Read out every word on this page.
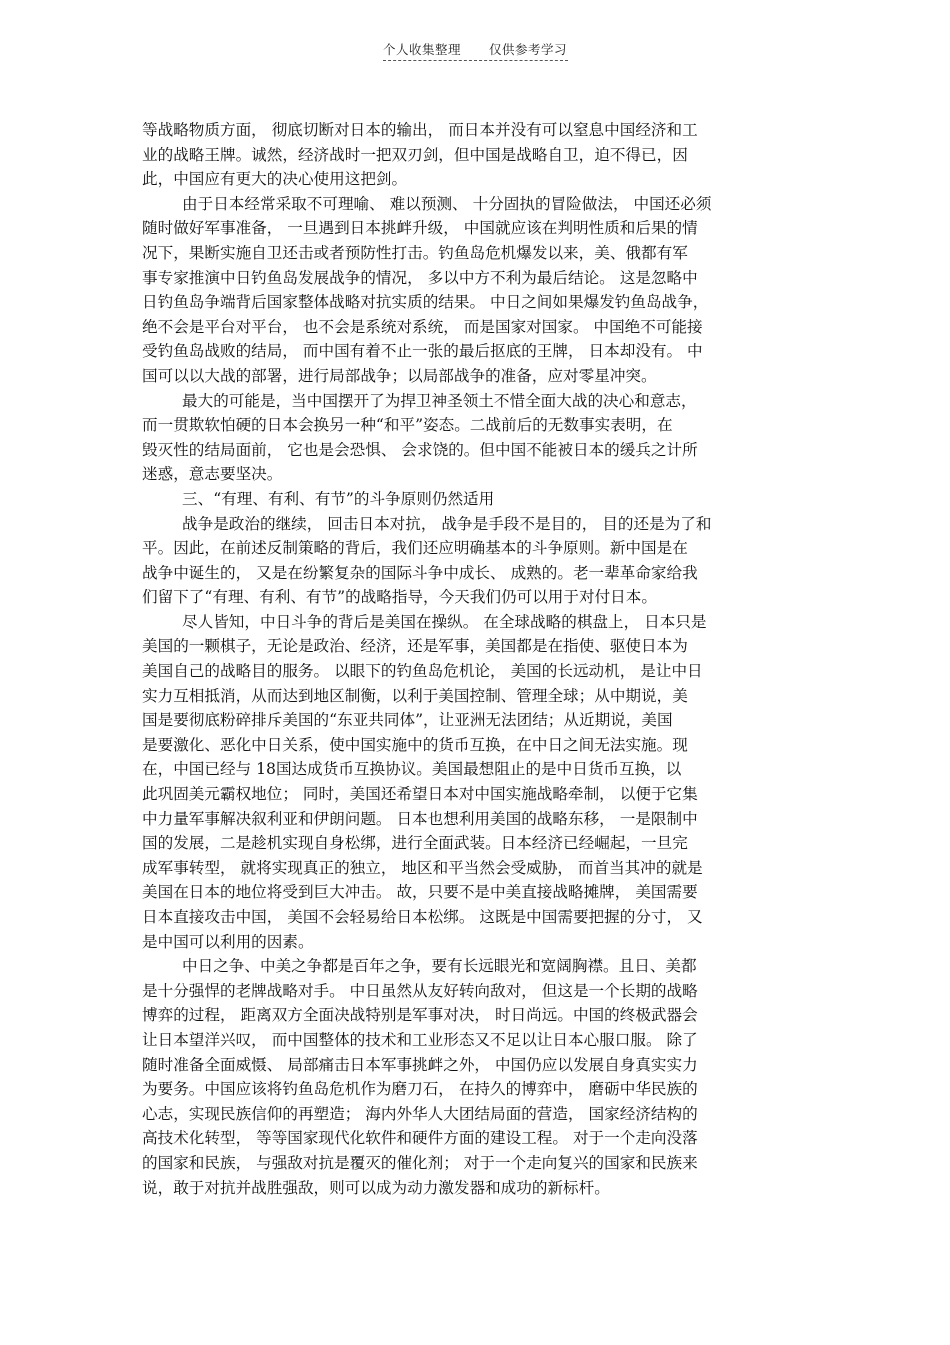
个人收集整理 仅供参考学习
等战略物质方面， 彻底切断对日本的输出， 而日本并没有可以窒息中国经济和工
业的战略王牌。诚然，经济战时一把双刃剑，但中国是战略自卫，迫不得已，因
此，中国应有更大的决心使用这把剑。
由于日本经常采取不可理喻、 难以预测、 十分固执的冒险做法， 中国还必须
随时做好军事准备， 一旦遇到日本挑衅升级， 中国就应该在判明性质和后果的情
况下，果断实施自卫还击或者预防性打击。钓鱼岛危机爆发以来，美、俄都有军
事专家推演中日钓鱼岛发展战争的情况， 多以中方不利为最后结论。 这是忽略中
日钓鱼岛争端背后国家整体战略对抗实质的结果。 中日之间如果爆发钓鱼岛战争，
绝不会是平台对平台， 也不会是系统对系统， 而是国家对国家。 中国绝不可能接
受钓鱼岛战败的结局， 而中国有着不止一张的最后抠底的王牌， 日本却没有。 中
国可以以大战的部署，进行局部战争；以局部战争的准备，应对零星冲突。
最大的可能是，当中国摆开了为捍卫神圣领土不惜全面大战的决心和意志，
而一贯欺软怕硬的日本会换另一种“和平”姿态。二战前后的无数事实表明，在
毁灭性的结局面前， 它也是会恐惧、 会求饶的。但中国不能被日本的缓兵之计所
迷惑，意志要坚决。
三、“有理、有利、有节”的斗争原则仍然适用
战争是政治的继续， 回击日本对抗， 战争是手段不是目的， 目的还是为了和
平。因此，在前述反制策略的背后，我们还应明确基本的斗争原则。新中国是在
战争中诞生的， 又是在纷繁复杂的国际斗争中成长、 成熟的。老一辈革命家给我
们留下了“有理、有利、有节”的战略指导，今天我们仍可以用于对付日本。
尽人皆知，中日斗争的背后是美国在操纵。 在全球战略的棋盘上， 日本只是
美国的一颗棋子，无论是政治、经济，还是军事，美国都是在指使、驱使日本为
美国自己的战略目的服务。 以眼下的钓鱼岛危机论， 美国的长远动机， 是让中日
实力互相抵消，从而达到地区制衡，以利于美国控制、管理全球；从中期说，美
国是要彻底粉碎排斥美国的“东亚共同体”，让亚洲无法团结；从近期说，美国
是要激化、恶化中日关系，使中国实施中的货币互换，在中日之间无法实施。现
在，中国已经与 18国达成货币互换协议。美国最想阻止的是中日货币互换，以
此巩固美元霸权地位； 同时，美国还希望日本对中国实施战略牵制， 以便于它集
中力量军事解决叙利亚和伊朗问题。 日本也想利用美国的战略东移， 一是限制中
国的发展，二是趁机实现自身松绑，进行全面武装。日本经济已经崛起，一旦完
成军事转型， 就将实现真正的独立， 地区和平当然会受威胁， 而首当其冲的就是
美国在日本的地位将受到巨大冲击。 故，只要不是中美直接战略摊牌， 美国需要
日本直接攻击中国， 美国不会轻易给日本松绑。 这既是中国需要把握的分寸， 又
是中国可以利用的因素。
中日之争、中美之争都是百年之争，要有长远眼光和宽阔胸襟。且日、美都
是十分强悍的老牌战略对手。 中日虽然从友好转向敌对， 但这是一个长期的战略
博弈的过程， 距离双方全面决战特别是军事对决， 时日尚远。中国的终极武器会
让日本望洋兴叹， 而中国整体的技术和工业形态又不足以让日本心服口服。 除了
随时准备全面威慑、 局部痛击日本军事挑衅之外， 中国仍应以发展自身真实实力
为要务。中国应该将钓鱼岛危机作为磨刀石， 在持久的博弈中， 磨砺中华民族的
心志，实现民族信仰的再塑造； 海内外华人大团结局面的营造， 国家经济结构的
高技术化转型， 等等国家现代化软件和硬件方面的建设工程。 对于一个走向没落
的国家和民族， 与强敌对抗是覆灭的催化剂； 对于一个走向复兴的国家和民族来
说，敢于对抗并战胜强敌，则可以成为动力激发器和成功的新标杆。
